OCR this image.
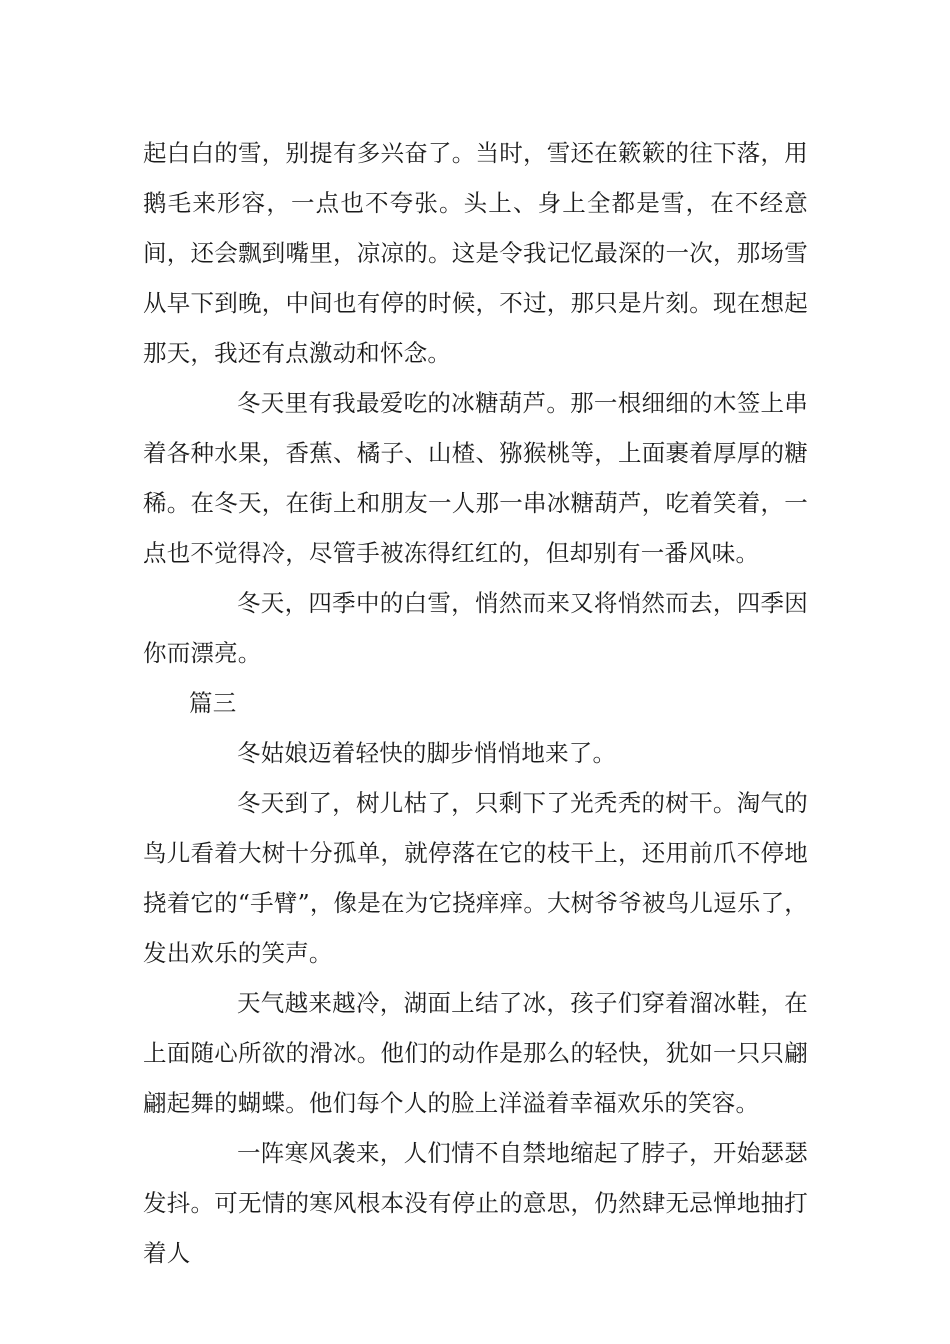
起白白的雪，别提有多兴奋了。当时，雪还在簌簌的往下落，用鹅毛来形容，一点也不夸张。头上、身上全都是雪，在不经意间，还会飘到嘴里，凉凉的。这是令我记忆最深的一次，那场雪从早下到晚，中间也有停的时候，不过，那只是片刻。现在想起那天，我还有点激动和怀念。

冬天里有我最爱吃的冰糖葫芦。那一根细细的木签上串着各种水果，香蕉、橘子、山楂、猕猴桃等，上面裹着厚厚的糖稀。在冬天，在街上和朋友一人那一串冰糖葫芦，吃着笑着，一点也不觉得冷，尽管手被冻得红红的，但却别有一番风味。

冬天，四季中的白雪，悄然而来又将悄然而去，四季因你而漂亮。

篇三

冬姑娘迈着轻快的脚步悄悄地来了。

冬天到了，树儿枯了，只剩下了光秃秃的树干。淘气的鸟儿看着大树十分孤单，就停落在它的枝干上，还用前爪不停地挠着它的“手臂”，像是在为它挠痒痒。大树爷爷被鸟儿逗乐了，发出欢乐的笑声。

天气越来越冷，湖面上结了冰，孩子们穿着溜冰鞋，在上面随心所欲的滑冰。他们的动作是那么的轻快，犹如一只只翩翩起舞的蝴蝶。他们每个人的脸上洋溢着幸福欢乐的笑容。

一阵寒风袭来，人们情不自禁地缩起了脖子，开始瑟瑟发抖。可无情的寒风根本没有停止的意思，仍然肆无忌惮地抽打着人
